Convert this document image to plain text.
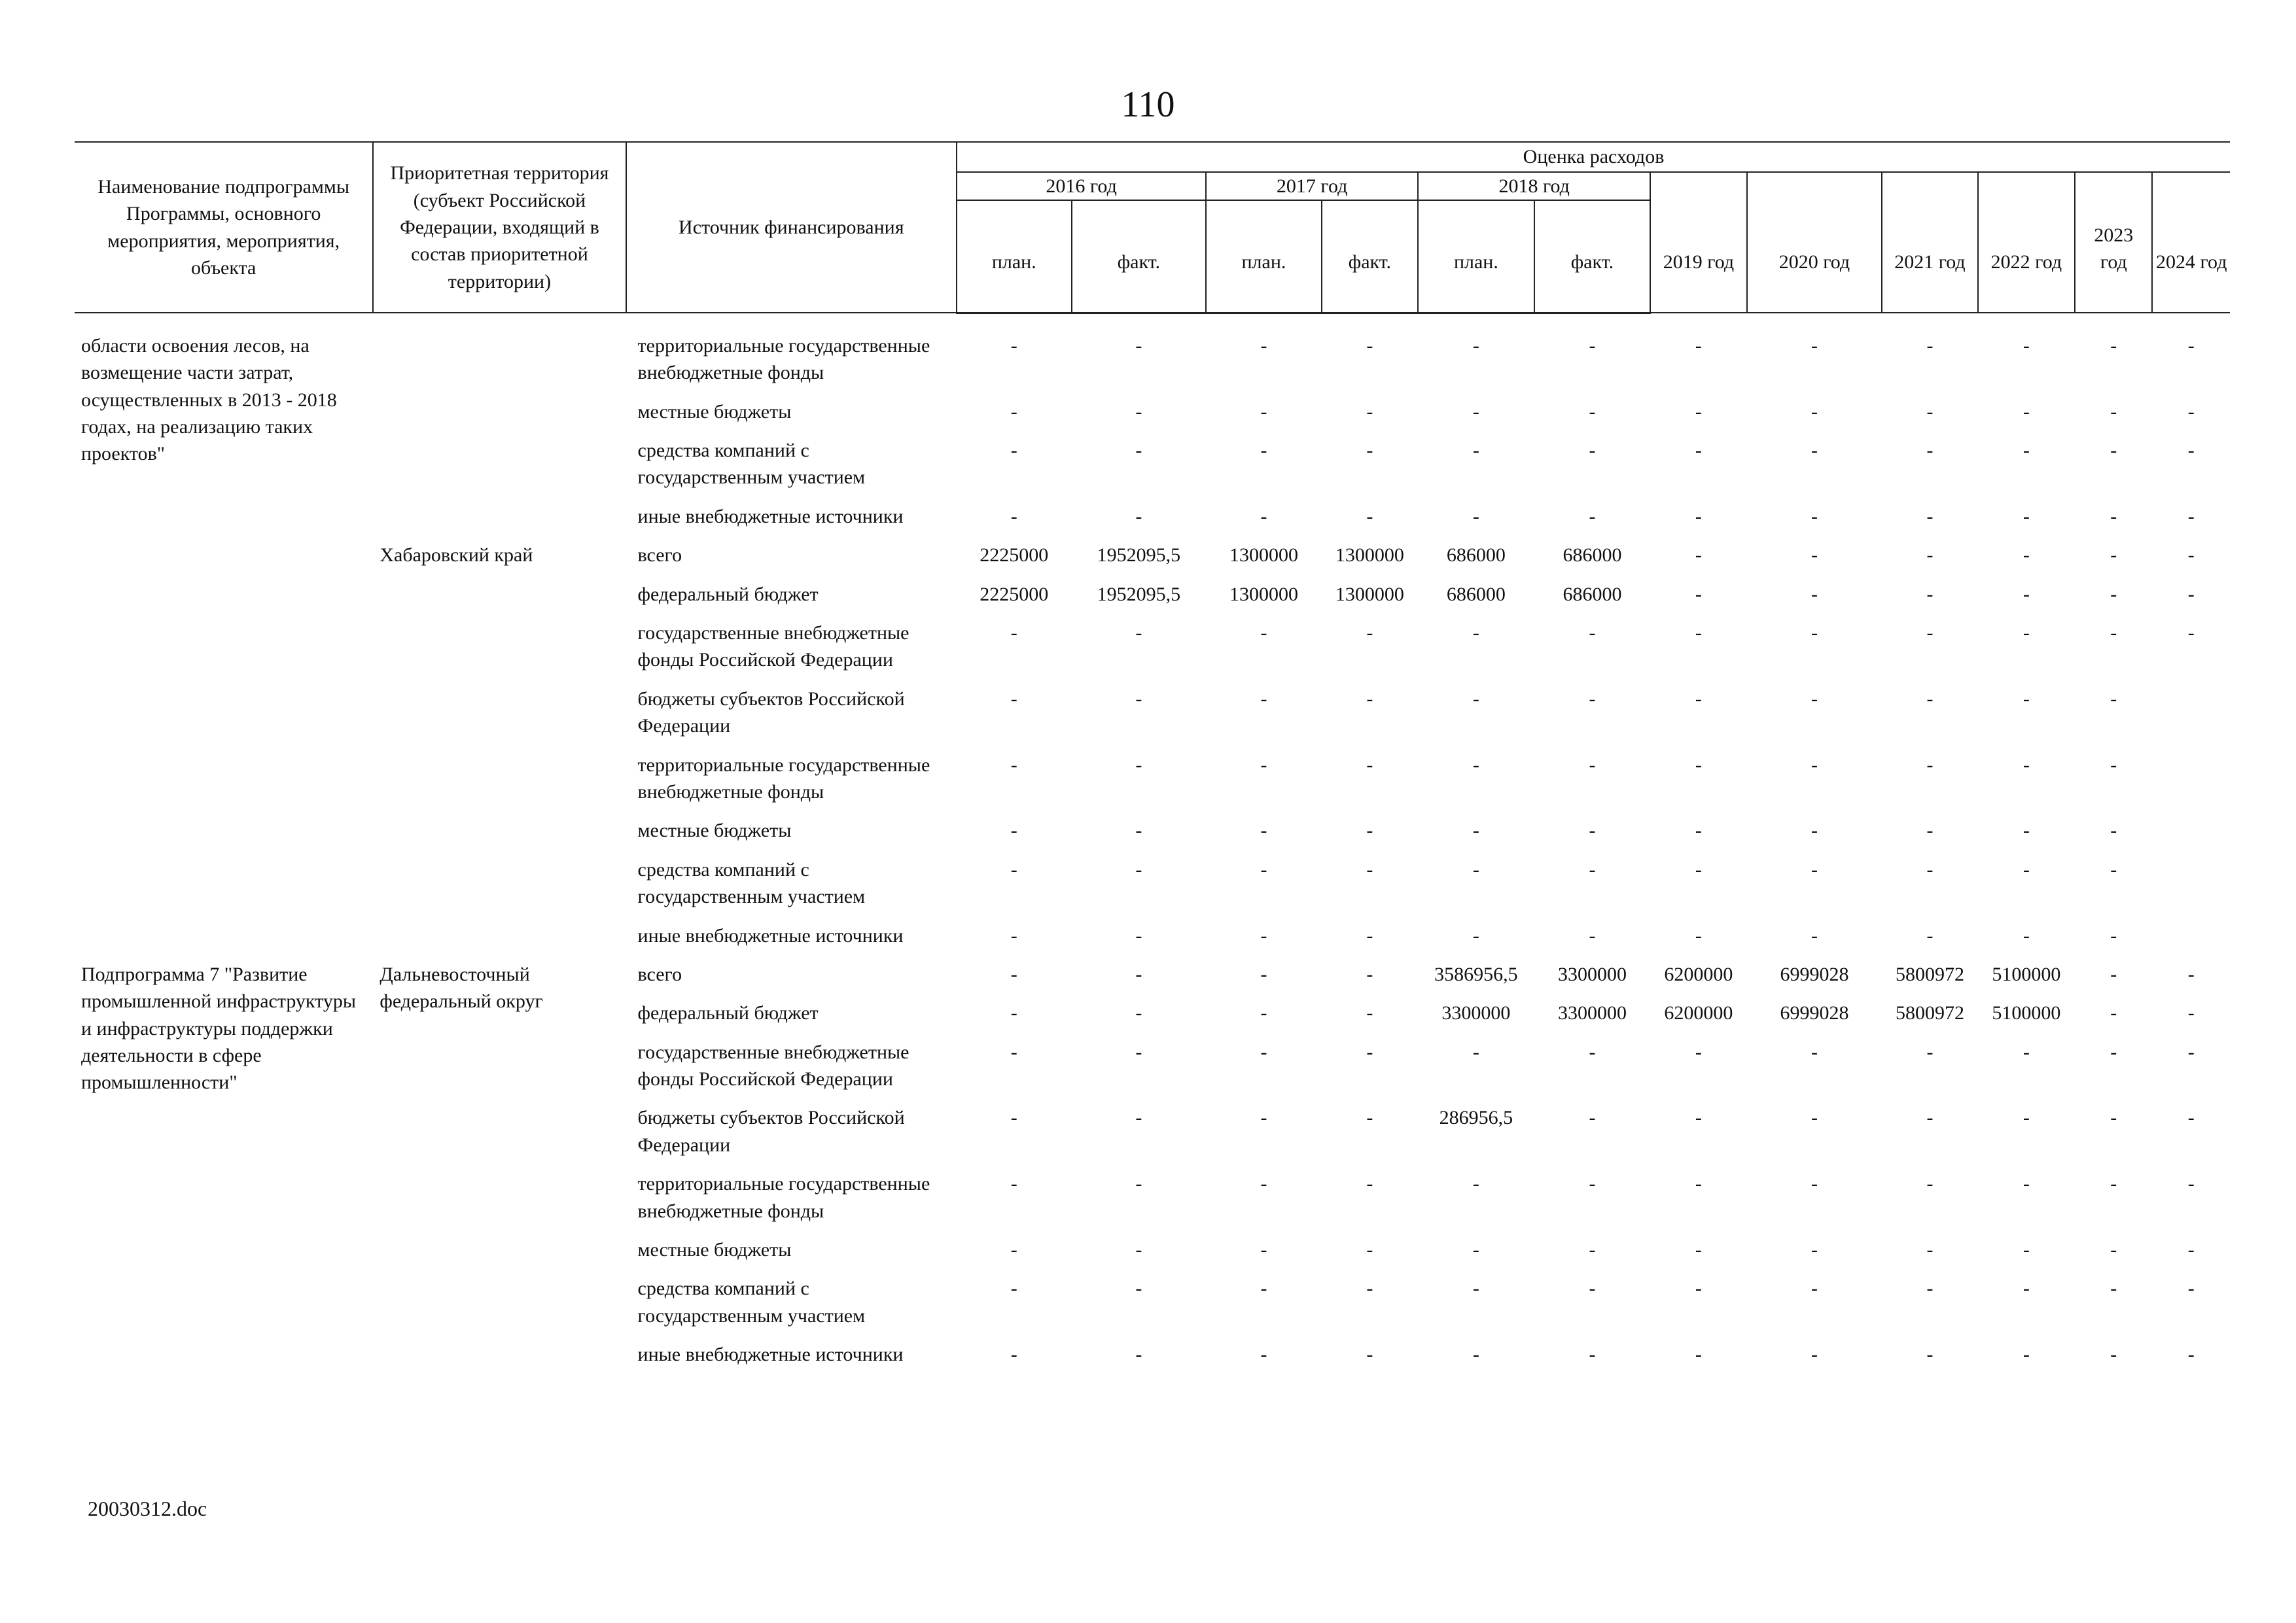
110
Наименование подпрограммы Программы, основного мероприятия, мероприятия, объекта	Приоритетная территория (субъект Российской Федерации, входящий в состав приоритетной территории)	Источник финансирования	Оценка расходов											
			2016 год		2017 год		2018 год		2019 год	2020 год	2021 год	2022 год	2023 год	2024 год
			план.	факт.	план.	факт.	план.	факт.						

области освоения лесов, на возмещение части затрат, осуществленных в 2013 - 2018 годах, на реализацию таких проектов"		территориальные государственные внебюджетные фонды	-	-	-	-	-	-	-	-	-	-	-	-
		местные бюджеты	-	-	-	-	-	-	-	-	-	-	-	-
		средства компаний с государственным участием	-	-	-	-	-	-	-	-	-	-	-	-
		иные внебюджетные источники	-	-	-	-	-	-	-	-	-	-	-	-
	Хабаровский край	всего	2225000	1952095,5	1300000	1300000	686000	686000	-	-	-	-	-	-
		федеральный бюджет	2225000	1952095,5	1300000	1300000	686000	686000	-	-	-	-	-	-
		государственные внебюджетные фонды Российской Федерации	-	-	-	-	-	-	-	-	-	-	-	-
		бюджеты субъектов Российской Федерации	-	-	-	-	-	-	-	-	-	-	-	
		территориальные государственные внебюджетные фонды	-	-	-	-	-	-	-	-	-	-	-	
		местные бюджеты	-	-	-	-	-	-	-	-	-	-	-	
		средства компаний с государственным участием	-	-	-	-	-	-	-	-	-	-	-	
		иные внебюджетные источники	-	-	-	-	-	-	-	-	-	-	-	
Подпрограмма 7 "Развитие промышленной инфраструктуры и инфраструктуры поддержки деятельности в сфере промышленности"	Дальневосточный федеральный округ	всего	-	-	-	-	3586956,5	3300000	6200000	6999028	5800972	5100000	-	-
		федеральный бюджет	-	-	-	-	3300000	3300000	6200000	6999028	5800972	5100000	-	-
		государственные внебюджетные фонды Российской Федерации	-	-	-	-	-	-	-	-	-	-	-	-
		бюджеты субъектов Российской Федерации	-	-	-	-	286956,5	-	-	-	-	-	-	-
		территориальные государственные внебюджетные фонды	-	-	-	-	-	-	-	-	-	-	-	-
		местные бюджеты	-	-	-	-	-	-	-	-	-	-	-	-
		средства компаний с государственным участием	-	-	-	-	-	-	-	-	-	-	-	-
		иные внебюджетные источники	-	-	-	-	-	-	-	-	-	-	-	-
20030312.doc
